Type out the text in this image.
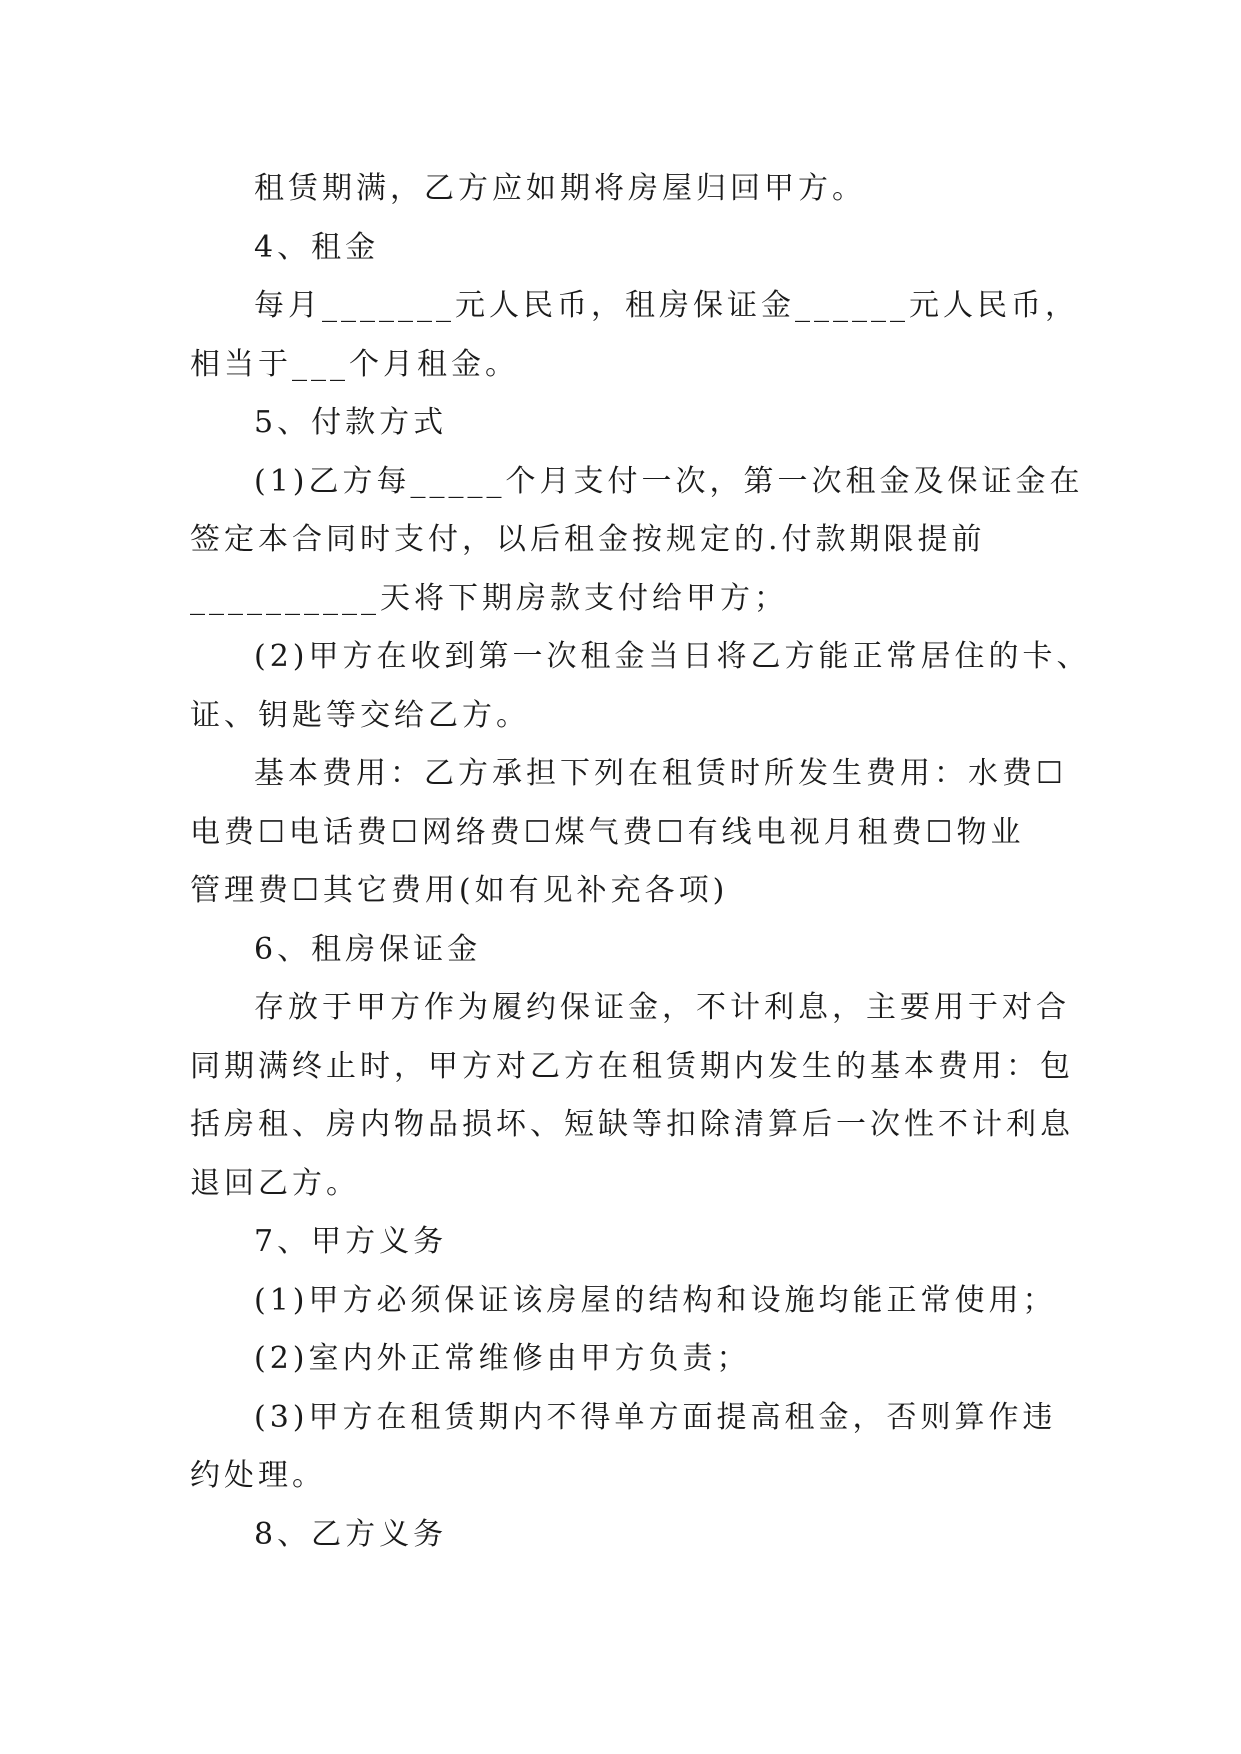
租赁期满，乙方应如期将房屋归回甲方。

4、租金

每月_______元人民币，租房保证金______元人民币，
相当于___个月租金。

5、付款方式

(1)乙方每_____个月支付一次，第一次租金及保证金在
签定本合同时支付，以后租金按规定的.付款期限提前
__________天将下期房款支付给甲方；

(2)甲方在收到第一次租金当日将乙方能正常居住的卡、
证、钥匙等交给乙方。

基本费用：乙方承担下列在租赁时所发生费用：水费☐
电费☐电话费☐网络费☐煤气费☐有线电视月租费☐物业
管理费☐其它费用(如有见补充各项)

6、租房保证金

存放于甲方作为履约保证金，不计利息，主要用于对合
同期满终止时，甲方对乙方在租赁期内发生的基本费用：包
括房租、房内物品损坏、短缺等扣除清算后一次性不计利息
退回乙方。

7、甲方义务

(1)甲方必须保证该房屋的结构和设施均能正常使用；

(2)室内外正常维修由甲方负责；

(3)甲方在租赁期内不得单方面提高租金，否则算作违
约处理。

8、乙方义务
